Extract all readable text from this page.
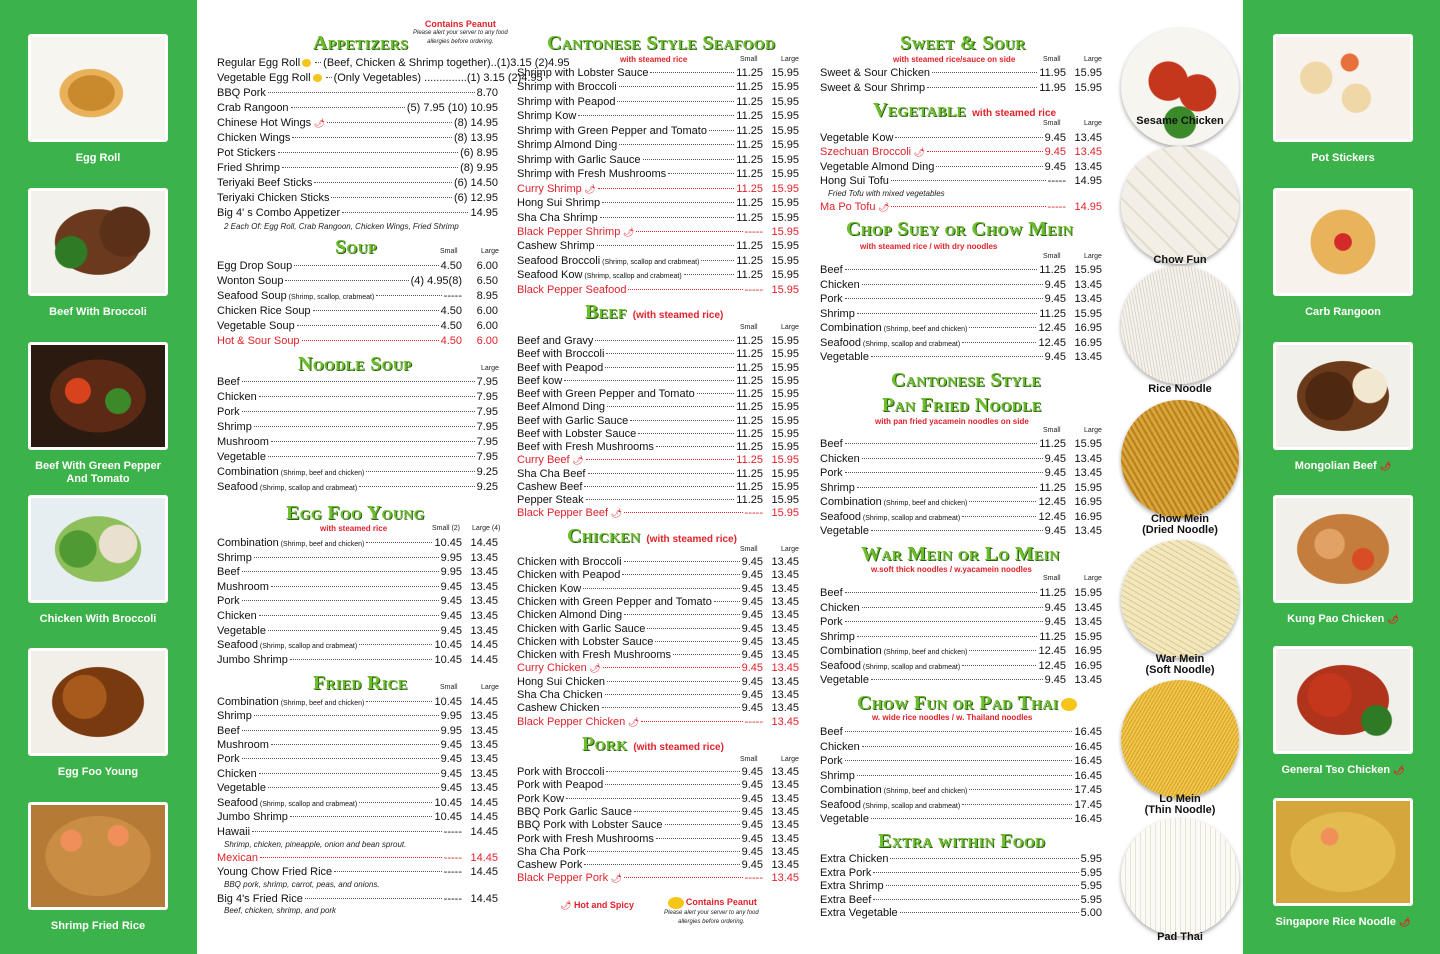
Egg Roll
Beef With Broccoli
Beef With Green Pepper
And Tomato
Chicken With Broccoli
Egg Foo Young
Shrimp Fried Rice
Pot Stickers
Carb Rangoon
Mongolian Beef 🌶
Kung Pao Chicken 🌶
General Tso Chicken 🌶
Singapore Rice Noodle 🌶
Sesame Chicken
Chow Fun
Rice Noodle
Chow Mein
(Dried Noodle)
War Mein
(Soft Noodle)
Lo Mein
(Thin Noodle)
Pad Thai
Appetizers
Contains Peanut
Please alert your server to any food
allergies before ordering.
Regular Egg Roll	(Beef, Chicken & Shrimp together)..(1)3.15 (2)4.95
Vegetable Egg Roll	(Only Vegetables) ..............(1) 3.15 (2)4.95
BBQ Pork	8.70
Crab Rangoon	(5) 7.95 (10) 10.95
Chinese Hot Wings 🌶	(8) 14.95
Chicken Wings	(8) 13.95
Pot Stickers	(6) 8.95
Fried Shrimp	(8) 9.95
Teriyaki Beef Sticks	(6) 14.50
Teriyaki Chicken Sticks	(6) 12.95
Big 4' s Combo Appetizer	14.95
2 Each Of: Egg Roll, Crab Rangoon, Chicken Wings, Fried Shrimp
Soup	Small	Large
Egg Drop Soup	4.50	6.00
Wonton Soup	(4) 4.95(8)	6.50
Seafood Soup (Shrimp, scallop, crabmeat)	-----	8.95
Chicken Rice Soup	4.50	6.00
Vegetable Soup	4.50	6.00
Hot & Sour Soup	4.50	6.00
Noodle Soup	Large
Beef	7.95
Chicken	7.95
Pork	7.95
Shrimp	7.95
Mushroom	7.95
Vegetable	7.95
Combination (Shrimp, beef and chicken)	9.25
Seafood (Shrimp, scallop and crabmeat)	9.25
Egg Foo Young
with steamed rice	Small (2) Large (4)
Combination (Shrimp, beef and chicken)	10.45 14.45
Shrimp	9.95 13.45
Beef	9.95 13.45
Mushroom	9.45 13.45
Pork	9.45 13.45
Chicken	9.45 13.45
Vegetable	9.45 13.45
Seafood (Shrimp, scallop and crabmeat)	10.45 14.45
Jumbo Shrimp	10.45 14.45
Fried Rice	Small	Large
Combination (Shrimp, beef and chicken)	10.45 14.45
Shrimp	9.95 13.45
Beef	9.95 13.45
Mushroom	9.45 13.45
Pork	9.45 13.45
Chicken	9.45 13.45
Vegetable	9.45 13.45
Seafood (Shrimp, scallop and crabmeat)	10.45 14.45
Jumbo Shrimp	10.45 14.45
Hawaii	----- 14.45
Mexican	----- 14.45
Young Chow Fried Rice	----- 14.45
Big 4's Fried Rice	----- 14.45
Shrimp, chicken, pineapple, onion and bean sprout.
BBQ pork, shrimp, carrot, peas, and onions.
Beef, chicken, shrimp, and pork
Cantonese Style Seafood
with steamed rice	Small	Large
Shrimp with Lobster Sauce	11.25 15.95
Shrimp with Broccoli	11.25 15.95
Shrimp with Peapod	11.25 15.95
Shrimp Kow	11.25 15.95
Shrimp with Green Pepper and Tomato	11.25 15.95
Shrimp Almond Ding	11.25 15.95
Shrimp with Garlic Sauce	11.25 15.95
Shrimp with Fresh Mushrooms	11.25 15.95
Curry Shrimp 🌶	11.25 15.95
Hong Sui Shrimp	11.25 15.95
Sha Cha Shrimp	11.25 15.95
Black Pepper Shrimp 🌶	----- 15.95
Cashew Shrimp	11.25 15.95
Seafood Broccoli (Shrimp, scallop and crabmeat)	11.25 15.95
Seafood Kow (Shrimp, scallop and crabmeat)	11.25 15.95
Black Pepper Seafood	----- 15.95
Beef (with steamed rice)
Small	Large
Beef and Gravy	11.25 15.95
Beef with Broccoli	11.25 15.95
Beef with Peapod	11.25 15.95
Beef kow	11.25 15.95
Beef with Green Pepper and Tomato	11.25 15.95
Beef Almond Ding	11.25 15.95
Beef with Garlic Sauce	11.25 15.95
Beef with Lobster Sauce	11.25 15.95
Beef with Fresh Mushrooms	11.25 15.95
Curry Beef 🌶	11.25 15.95
Sha Cha Beef	11.25 15.95
Cashew Beef	11.25 15.95
Pepper Steak	11.25 15.95
Black Pepper Beef 🌶	----- 15.95
Chicken (with steamed rice)
Small	Large
Chicken with Broccoli	9.45 13.45
Chicken with Peapod	9.45 13.45
Chicken Kow	9.45 13.45
Chicken with Green Pepper and Tomato	9.45 13.45
Chicken Almond Ding	9.45 13.45
Chicken with Garlic Sauce	9.45 13.45
Chicken with Lobster Sauce	9.45 13.45
Chicken with Fresh Mushrooms	9.45 13.45
Curry Chicken 🌶	9.45 13.45
Hong Sui Chicken	9.45 13.45
Sha Cha Chicken	9.45 13.45
Cashew Chicken	9.45 13.45
Black Pepper Chicken 🌶	----- 13.45
Pork (with steamed rice)
Small	Large
Pork with Broccoli	9.45 13.45
Pork with Peapod	9.45 13.45
Pork Kow	9.45 13.45
BBQ Pork Garlic Sauce	9.45 13.45
BBQ Pork with Lobster Sauce	9.45 13.45
Pork with Fresh Mushrooms	9.45 13.45
Sha Cha Pork	9.45 13.45
Cashew Pork	9.45 13.45
Black Pepper Pork 🌶	----- 13.45
🌶 Hot and Spicy	Contains Peanut
Please alert your server to any food
allergies before ordering.
Sweet & Sour
with steamed rice/sauce on side	Small	Large
Sweet & Sour Chicken	11.95 15.95
Sweet & Sour Shrimp	11.95 15.95
Vegetable with steamed rice
Small	Large
Vegetable Kow	9.45 13.45
Szechuan Broccoli 🌶	9.45 13.45
Vegetable Almond Ding	9.45 13.45
Hong Sui Tofu	----- 14.95
Ma Po Tofu 🌶	----- 14.95
Fried Tofu with mixed vegetables
Chop Suey or Chow Mein
with steamed rice / with dry noodles
Small	Large
Beef	11.25 15.95
Chicken	9.45 13.45
Pork	9.45 13.45
Shrimp	11.25 15.95
Combination (Shrimp, beef and chicken)	12.45 16.95
Seafood (Shrimp, scallop and crabmeat)	12.45 16.95
Vegetable	9.45 13.45
Cantonese Style
Pan Fried Noodle
with pan fried yacamein noodles on side
Small	Large
Beef	11.25 15.95
Chicken	9.45 13.45
Pork	9.45 13.45
Shrimp	11.25 15.95
Combination (Shrimp, beef and chicken)	12.45 16.95
Seafood (Shrimp, scallop and crabmeat)	12.45 16.95
Vegetable	9.45 13.45
War Mein or Lo Mein
w.soft thick noodles / w.yacamein noodles
Small	Large
Beef	11.25 15.95
Chicken	9.45 13.45
Pork	9.45 13.45
Shrimp	11.25 15.95
Combination (Shrimp, beef and chicken)	12.45 16.95
Seafood (Shrimp, scallop and crabmeat)	12.45 16.95
Vegetable	9.45 13.45
Chow Fun or Pad Thai
w. wide rice noodles / w. Thailand noodles
Beef	16.45
Chicken	16.45
Pork	16.45
Shrimp	16.45
Combination (Shrimp, beef and chicken)	17.45
Seafood (Shrimp, scallop and crabmeat)	17.45
Vegetable	16.45
Extra within Food
Extra Chicken	5.95
Extra Pork	5.95
Extra Shrimp	5.95
Extra Beef	5.95
Extra Vegetable	5.00
